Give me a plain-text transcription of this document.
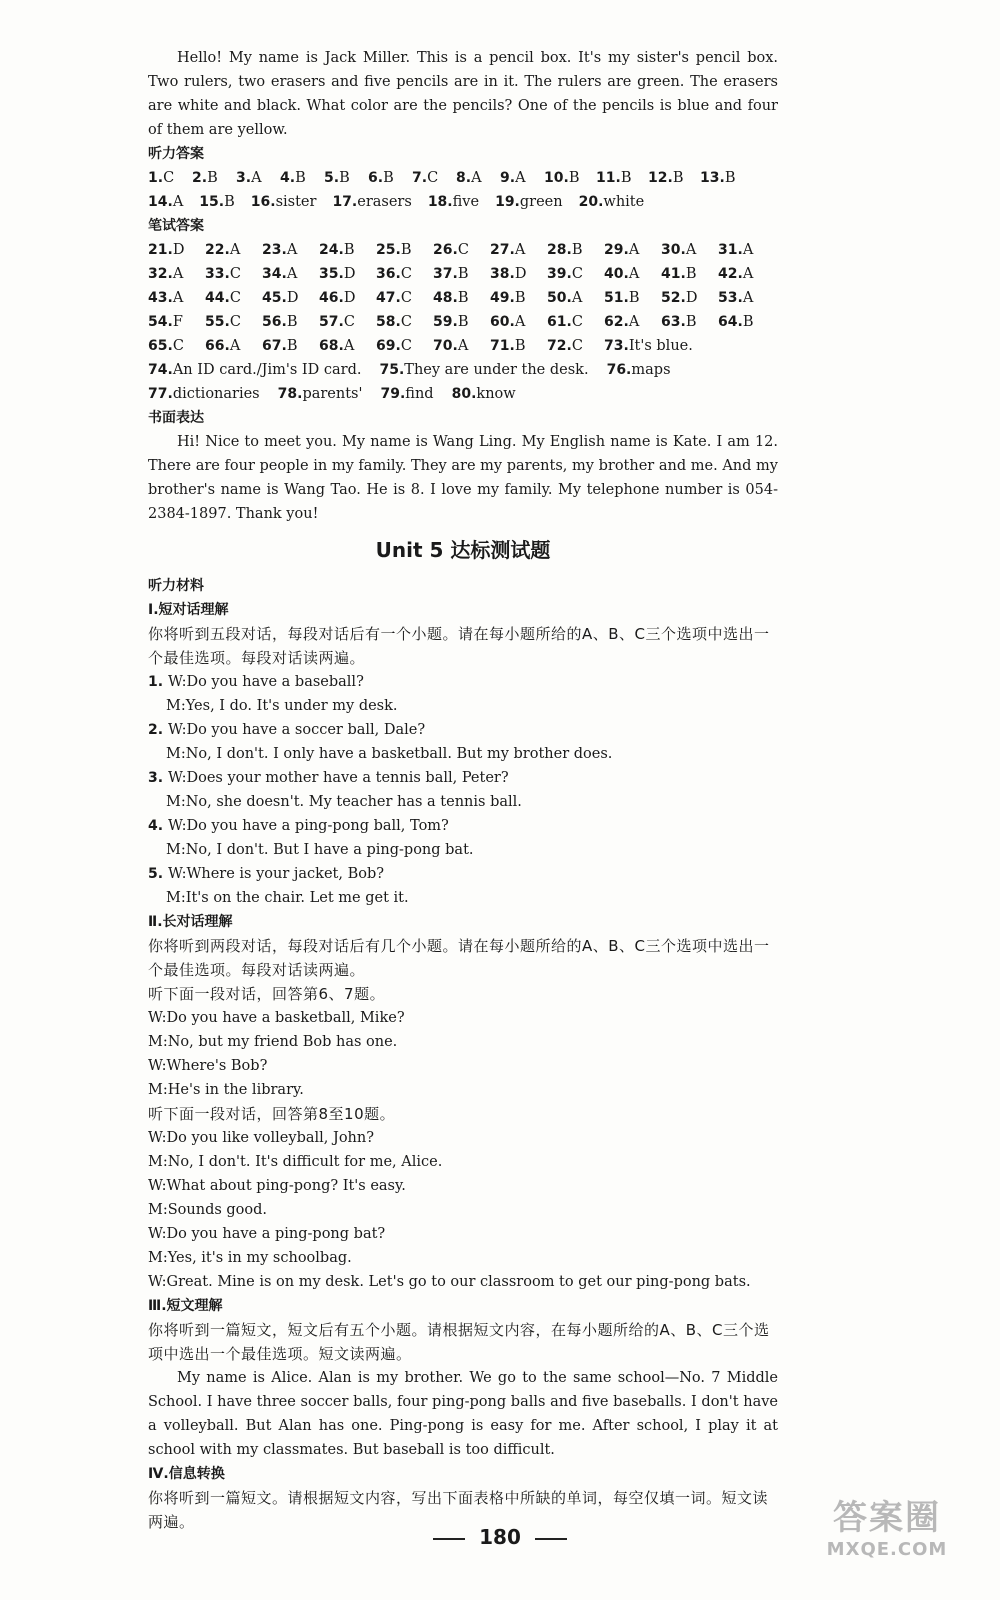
Hello! My name is Jack Miller. This is a pencil box. It's my sister's pencil box. Two rulers, two erasers and five pencils are in it. The rulers are green. The erasers are white and black. What color are the pencils? One of the pencils is blue and four of them are yellow.

听力答案

1.C	2.B	3.A	4.B	5.B	6.B	7.C	8.A	9.A	10.B	11.B	12.B	13.B
14.A 15.B 16.sister 17.erasers 18.five 19.green 20.white

笔试答案

21.D	22.A	23.A	24.B	25.B	26.C	27.A	28.B	29.A	30.A	31.A
32.A	33.C	34.A	35.D	36.C	37.B	38.D	39.C	40.A	41.B	42.A
43.A	44.C	45.D	46.D	47.C	48.B	49.B	50.A	51.B	52.D	53.A
54.F	55.C	56.B	57.C	58.C	59.B	60.A	61.C	62.A	63.B	64.B
65.C	66.A	67.B	68.A	69.C	70.A	71.B	72.C	73.It's blue.
74.An ID card./Jim's ID card. 75.They are under the desk. 76.maps
77.dictionaries 78.parents' 79.find 80.know

书面表达

Hi! Nice to meet you. My name is Wang Ling. My English name is Kate. I am 12. There are four people in my family. They are my parents, my brother and me. And my brother's name is Wang Tao. He is 8. I love my family. My telephone number is 054-2384-1897. Thank you!

Unit 5 达标测试题

听力材料

Ⅰ.短对话理解

你将听到五段对话，每段对话后有一个小题。请在每小题所给的A、B、C三个选项中选出一个最佳选项。每段对话读两遍。

1. W:Do you have a baseball?

M:Yes, I do. It's under my desk.

2. W:Do you have a soccer ball, Dale?

M:No, I don't. I only have a basketball. But my brother does.

3. W:Does your mother have a tennis ball, Peter?

M:No, she doesn't. My teacher has a tennis ball.

4. W:Do you have a ping-pong ball, Tom?

M:No, I don't. But I have a ping-pong bat.

5. W:Where is your jacket, Bob?

M:It's on the chair. Let me get it.

Ⅱ.长对话理解

你将听到两段对话，每段对话后有几个小题。请在每小题所给的A、B、C三个选项中选出一个最佳选项。每段对话读两遍。

听下面一段对话，回答第6、7题。

W:Do you have a basketball, Mike?

M:No, but my friend Bob has one.

W:Where's Bob?

M:He's in the library.

听下面一段对话，回答第8至10题。

W:Do you like volleyball, John?

M:No, I don't. It's difficult for me, Alice.

W:What about ping-pong? It's easy.

M:Sounds good.

W:Do you have a ping-pong bat?

M:Yes, it's in my schoolbag.

W:Great. Mine is on my desk. Let's go to our classroom to get our ping-pong bats.

Ⅲ.短文理解

你将听到一篇短文，短文后有五个小题。请根据短文内容，在每小题所给的A、B、C三个选项中选出一个最佳选项。短文读两遍。

My name is Alice. Alan is my brother. We go to the same school—No. 7 Middle School. I have three soccer balls, four ping-pong balls and five baseballs. I don't have a volleyball. But Alan has one. Ping-pong is easy for me. After school, I play it at school with my classmates. But baseball is too difficult.

Ⅳ.信息转换

你将听到一篇短文。请根据短文内容，写出下面表格中所缺的单词，每空仅填一词。短文读两遍。

180	答案圈
MXQE.COM
